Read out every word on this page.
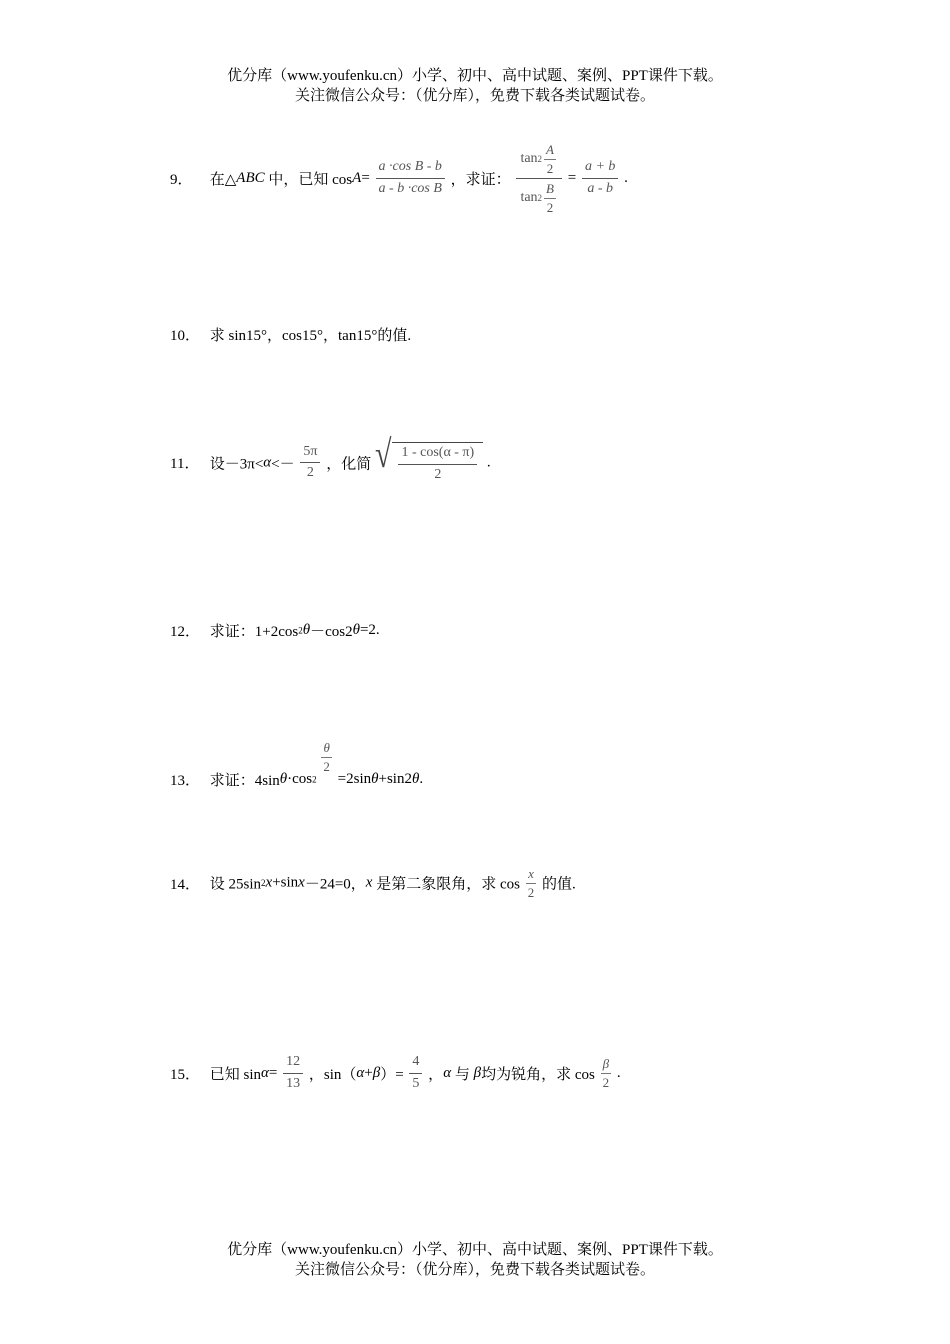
优分库（www.youfenku.cn）小学、初中、高中试题、案例、PPT课件下载。
关注微信公众号：（优分库），免费下载各类试题试卷。
9． 在△ABC 中，已知 $\cos A= \frac{\text{a ·cos B - b}}{\text{a - b ·cos B}}$ ，求证： $\frac{\tan 2 \frac{A}{2}}{\tan 2 \frac{B}{2}} = \frac{a + b}{a - b}$ .
10． 求 sin15°，cos15°，tan15°的值.
11． 设$-3\pi<\alpha<- \frac{5\pi}{2}$ ，化简 √ $\frac{1 - \cos(\alpha - \pi)}{2}$ .
12． 求证：1+2cos2θ－cos2θ=2.
13． 求证：4sinθ·cos2
$\frac{\theta}{2}$
=2sinθ+sin2θ.
14． 设 25sin2x+sinx－24=0，x 是第二象限角，求 $\cos \frac{x}{2}$ 的值.
15． 已知 $\sin\alpha= \frac{12}{13}$ ，$\sin(\alpha+\beta)= \frac{4}{5}$ ，α 与 β均为锐角，求 $\cos \frac{\beta}{2}$ .
优分库（www.youfenku.cn）小学、初中、高中试题、案例、PPT课件下载。
关注微信公众号：（优分库），免费下载各类试题试卷。
